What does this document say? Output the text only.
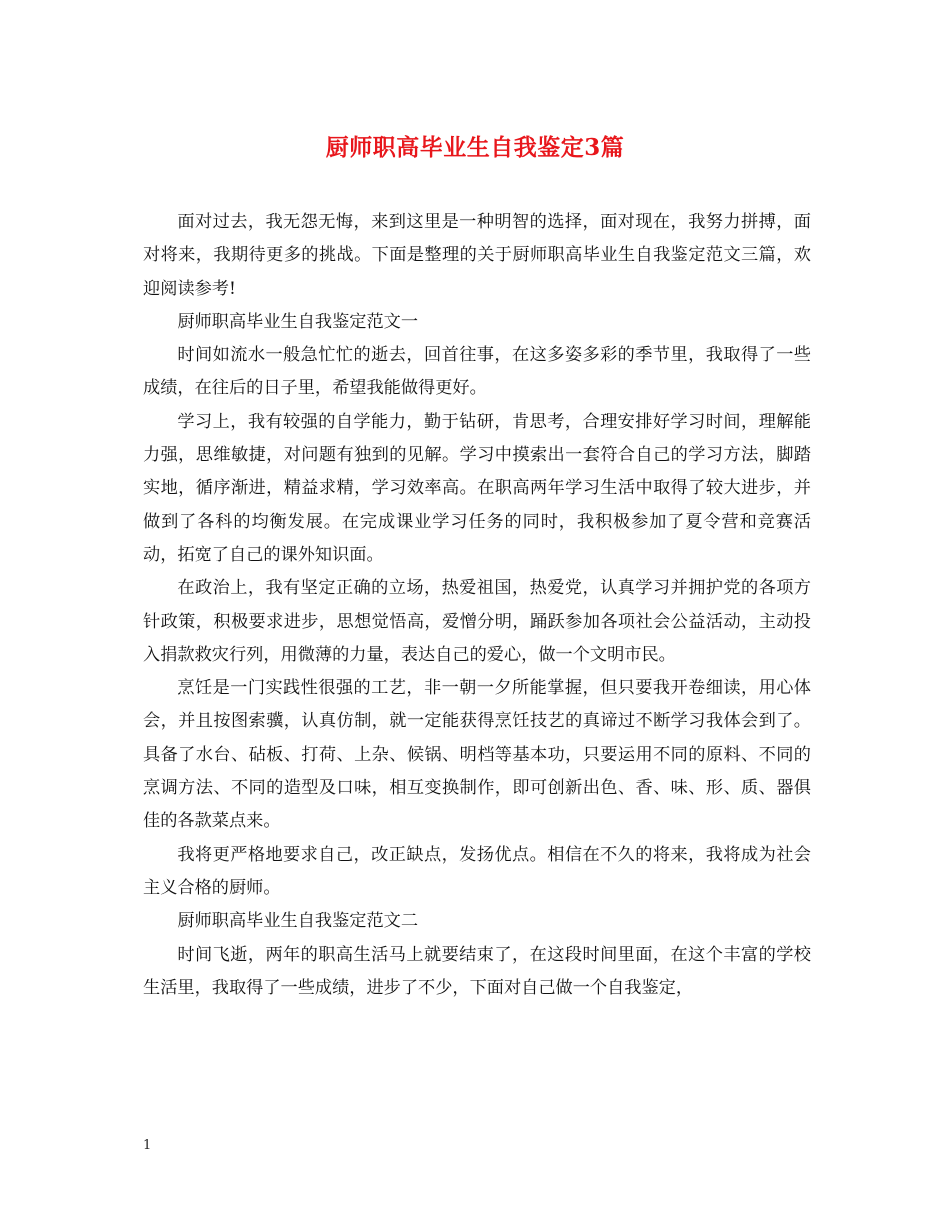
厨师职高毕业生自我鉴定3篇

面对过去，我无怨无悔，来到这里是一种明智的选择，面对现在，我努力拼搏，面对将来，我期待更多的挑战。下面是整理的关于厨师职高毕业生自我鉴定范文三篇，欢迎阅读参考!

厨师职高毕业生自我鉴定范文一

时间如流水一般急忙忙的逝去，回首往事，在这多姿多彩的季节里，我取得了一些成绩，在往后的日子里，希望我能做得更好。

学习上，我有较强的自学能力，勤于钻研，肯思考，合理安排好学习时间，理解能力强，思维敏捷，对问题有独到的见解。学习中摸索出一套符合自己的学习方法，脚踏实地，循序渐进，精益求精，学习效率高。在职高两年学习生活中取得了较大进步，并做到了各科的均衡发展。在完成课业学习任务的同时，我积极参加了夏令营和竞赛活动，拓宽了自己的课外知识面。

在政治上，我有坚定正确的立场，热爱祖国，热爱党，认真学习并拥护党的各项方针政策，积极要求进步，思想觉悟高，爱憎分明，踊跃参加各项社会公益活动，主动投入捐款救灾行列，用微薄的力量，表达自己的爱心，做一个文明市民。

烹饪是一门实践性很强的工艺，非一朝一夕所能掌握，但只要我开卷细读，用心体会，并且按图索骥，认真仿制，就一定能获得烹饪技艺的真谛过不断学习我体会到了。具备了水台、砧板、打荷、上杂、候锅、明档等基本功，只要运用不同的原料、不同的烹调方法、不同的造型及口味，相互变换制作，即可创新出色、香、味、形、质、器俱佳的各款菜点来。

我将更严格地要求自己，改正缺点，发扬优点。相信在不久的将来，我将成为社会主义合格的厨师。

厨师职高毕业生自我鉴定范文二

时间飞逝，两年的职高生活马上就要结束了，在这段时间里面，在这个丰富的学校生活里，我取得了一些成绩，进步了不少，下面对自己做一个自我鉴定，

1
